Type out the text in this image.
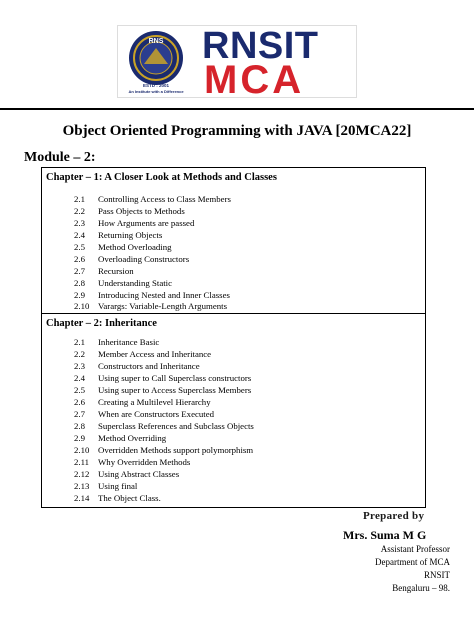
RNS
ESTD : 2001
An Institute with a Difference
RNSIT
MCA
Object Oriented Programming with JAVA [20MCA22]
Module – 2:
Chapter – 1: A Closer Look at Methods and Classes
2.1 Controlling Access to Class Members
2.2 Pass Objects to Methods
2.3 How Arguments are passed
2.4 Returning Objects
2.5 Method Overloading
2.6 Overloading Constructors
2.7 Recursion
2.8 Understanding Static
2.9 Introducing Nested and Inner Classes
2.10 Varargs: Variable-Length Arguments
Chapter – 2: Inheritance
2.1 Inheritance Basic
2.2 Member Access and Inheritance
2.3 Constructors and Inheritance
2.4 Using super to Call Superclass constructors
2.5 Using super to Access Superclass Members
2.6 Creating a Multilevel Hierarchy
2.7 When are Constructors Executed
2.8 Superclass References and Subclass Objects
2.9 Method Overriding
2.10 Overridden Methods support polymorphism
2.11 Why Overridden Methods
2.12 Using Abstract Classes
2.13 Using final
2.14 The Object Class.
Prepared by
Mrs. Suma M G
Assistant Professor
Department of MCA
RNSIT
Bengaluru – 98.
